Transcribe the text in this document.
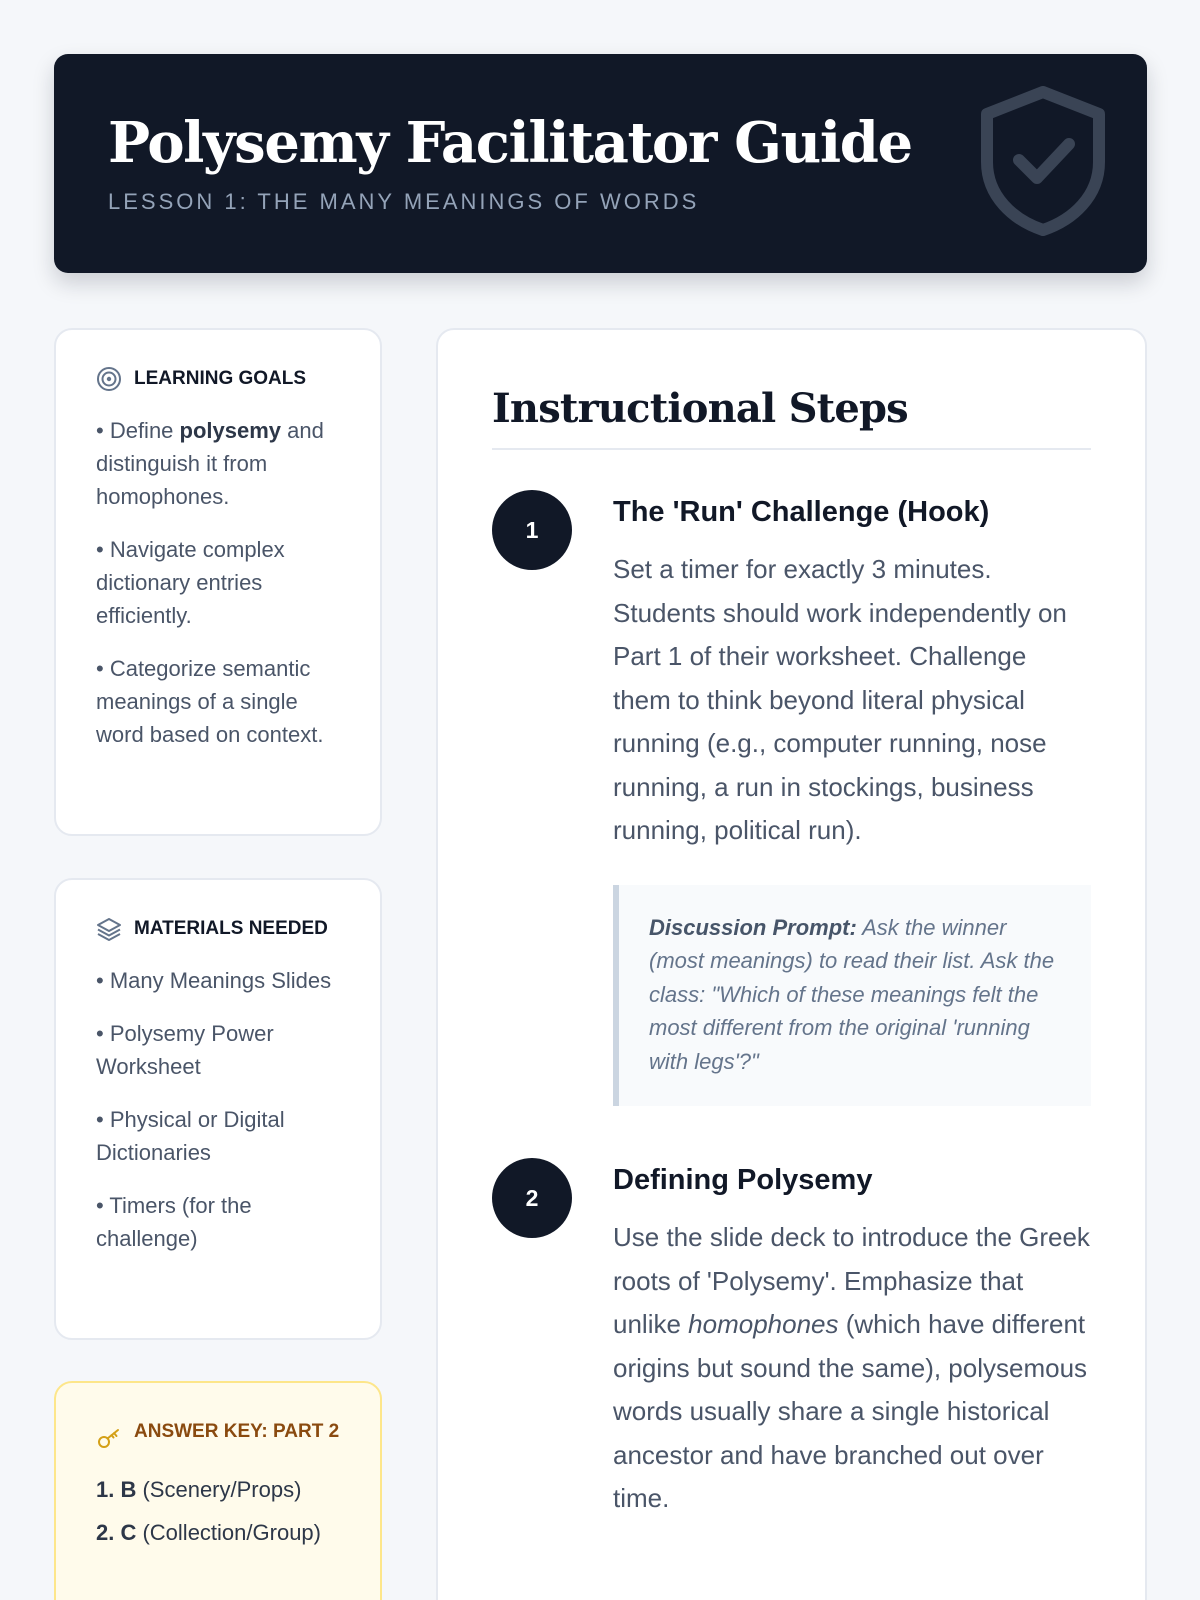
Polysemy Facilitator Guide
LESSON 1: THE MANY MEANINGS OF WORDS
LEARNING GOALS
• Define polysemy and distinguish it from homophones.
• Navigate complex dictionary entries efficiently.
• Categorize semantic meanings of a single word based on context.
MATERIALS NEEDED
• Many Meanings Slides
• Polysemy Power Worksheet
• Physical or Digital Dictionaries
• Timers (for the challenge)
ANSWER KEY: PART 2
1. B (Scenery/Props)
2. C (Collection/Group)
Instructional Steps
1
The 'Run' Challenge (Hook)

Set a timer for exactly 3 minutes. Students should work independently on Part 1 of their worksheet. Challenge them to think beyond literal physical running (e.g., computer running, nose running, a run in stockings, business running, political run).

Discussion Prompt: Ask the winner (most meanings) to read their list. Ask the class: "Which of these meanings felt the most different from the original 'running with legs'?"
2
Defining Polysemy

Use the slide deck to introduce the Greek roots of 'Polysemy'. Emphasize that unlike homophones (which have different origins but sound the same), polysemous words usually share a single historical ancestor and have branched out over time.
